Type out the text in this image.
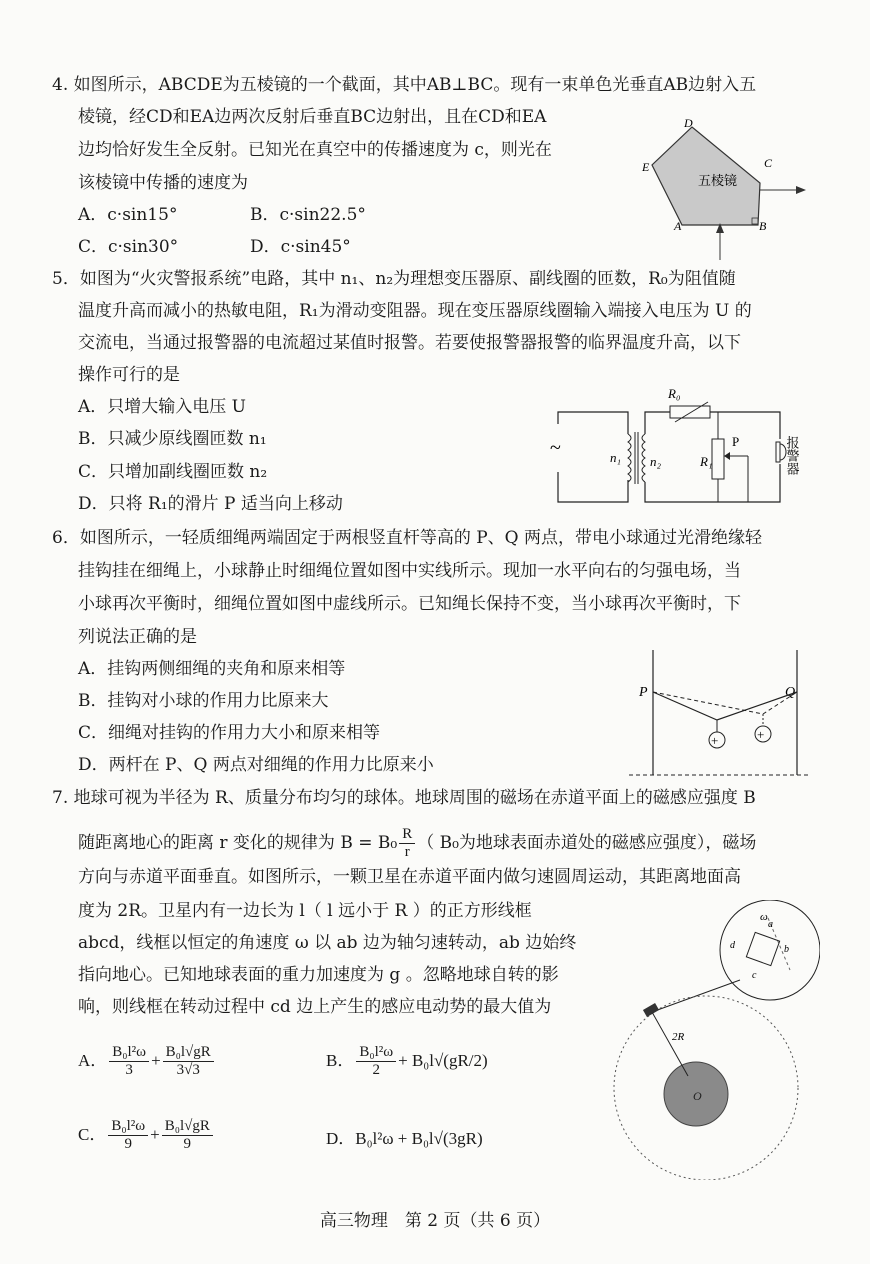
4. 如图所示，ABCDE为五棱镜的一个截面，其中AB⊥BC。现有一束单色光垂直AB边射入五
棱镜，经CD和EA边两次反射后垂直BC边射出，且在CD和EA
边均恰好发生全反射。已知光在真空中的传播速度为 c，则光在
该棱镜中传播的速度为
A．c·sin15°	B．c·sin22.5°
C．c·sin30°	D．c·sin45°
五棱镜
A	B
C
D
E
5．如图为“火灾警报系统”电路，其中 n₁、n₂为理想变压器原、副线圈的匝数，R₀为阻值随
温度升高而减小的热敏电阻，R₁为滑动变阻器。现在变压器原线圈输入端接入电压为 U 的
交流电，当通过报警器的电流超过某值时报警。若要使报警器报警的临界温度升高，以下
操作可行的是
A．只增大输入电压 U
B．只减少原线圈匝数 n₁
C．只增加副线圈匝数 n₂
D．只将 R₁的滑片 P 适当向上移动
~	n₁ n₂
R₀
R₁
P	报警器
6．如图所示，一轻质细绳两端固定于两根竖直杆等高的 P、Q 两点，带电小球通过光滑绝缘轻
挂钩挂在细绳上，小球静止时细绳位置如图中实线所示。现加一水平向右的匀强电场，当
小球再次平衡时，细绳位置如图中虚线所示。已知绳长保持不变，当小球再次平衡时，下
列说法正确的是
A．挂钩两侧细绳的夹角和原来相等
B．挂钩对小球的作用力比原来大
C．细绳对挂钩的作用力大小和原来相等
D．两杆在 P、Q 两点对细绳的作用力比原来小
P	Q
+	+
7. 地球可视为半径为 R、质量分布均匀的球体。地球周围的磁场在赤道平面上的磁感应强度 B
随距离地心的距离 r 变化的规律为 $B = B_0 \frac{R}{r}$ （ B₀为地球表面赤道处的磁感应强度），磁场
方向与赤道平面垂直。如图所示，一颗卫星在赤道平面内做匀速圆周运动，其距离地面高
度为 2R。卫星内有一边长为 l（ l 远小于 R ）的正方形线框
abcd，线框以恒定的角速度 ω 以 ab 边为轴匀速转动，ab 边始终
指向地心。已知地球表面的重力加速度为 g 。忽略地球自转的影
响，则线框在转动过程中 cd 边上产生的感应电动势的最大值为
A． $\frac{\text{B₀l²ω}}{3} + \frac{\text{B₀l√gR}}{3√3}$	B． $\frac{\text{B₀l²ω}}{2} + B_0l√(gR/2)$
C． $\frac{\text{B₀l²ω}}{9} + \frac{\text{B₀l√gR}}{9}$	D．B₀l²ω + B₀l√(3gR)
ω
a
b
c
d
O
2R
高三物理　第 2 页（共 6 页）
